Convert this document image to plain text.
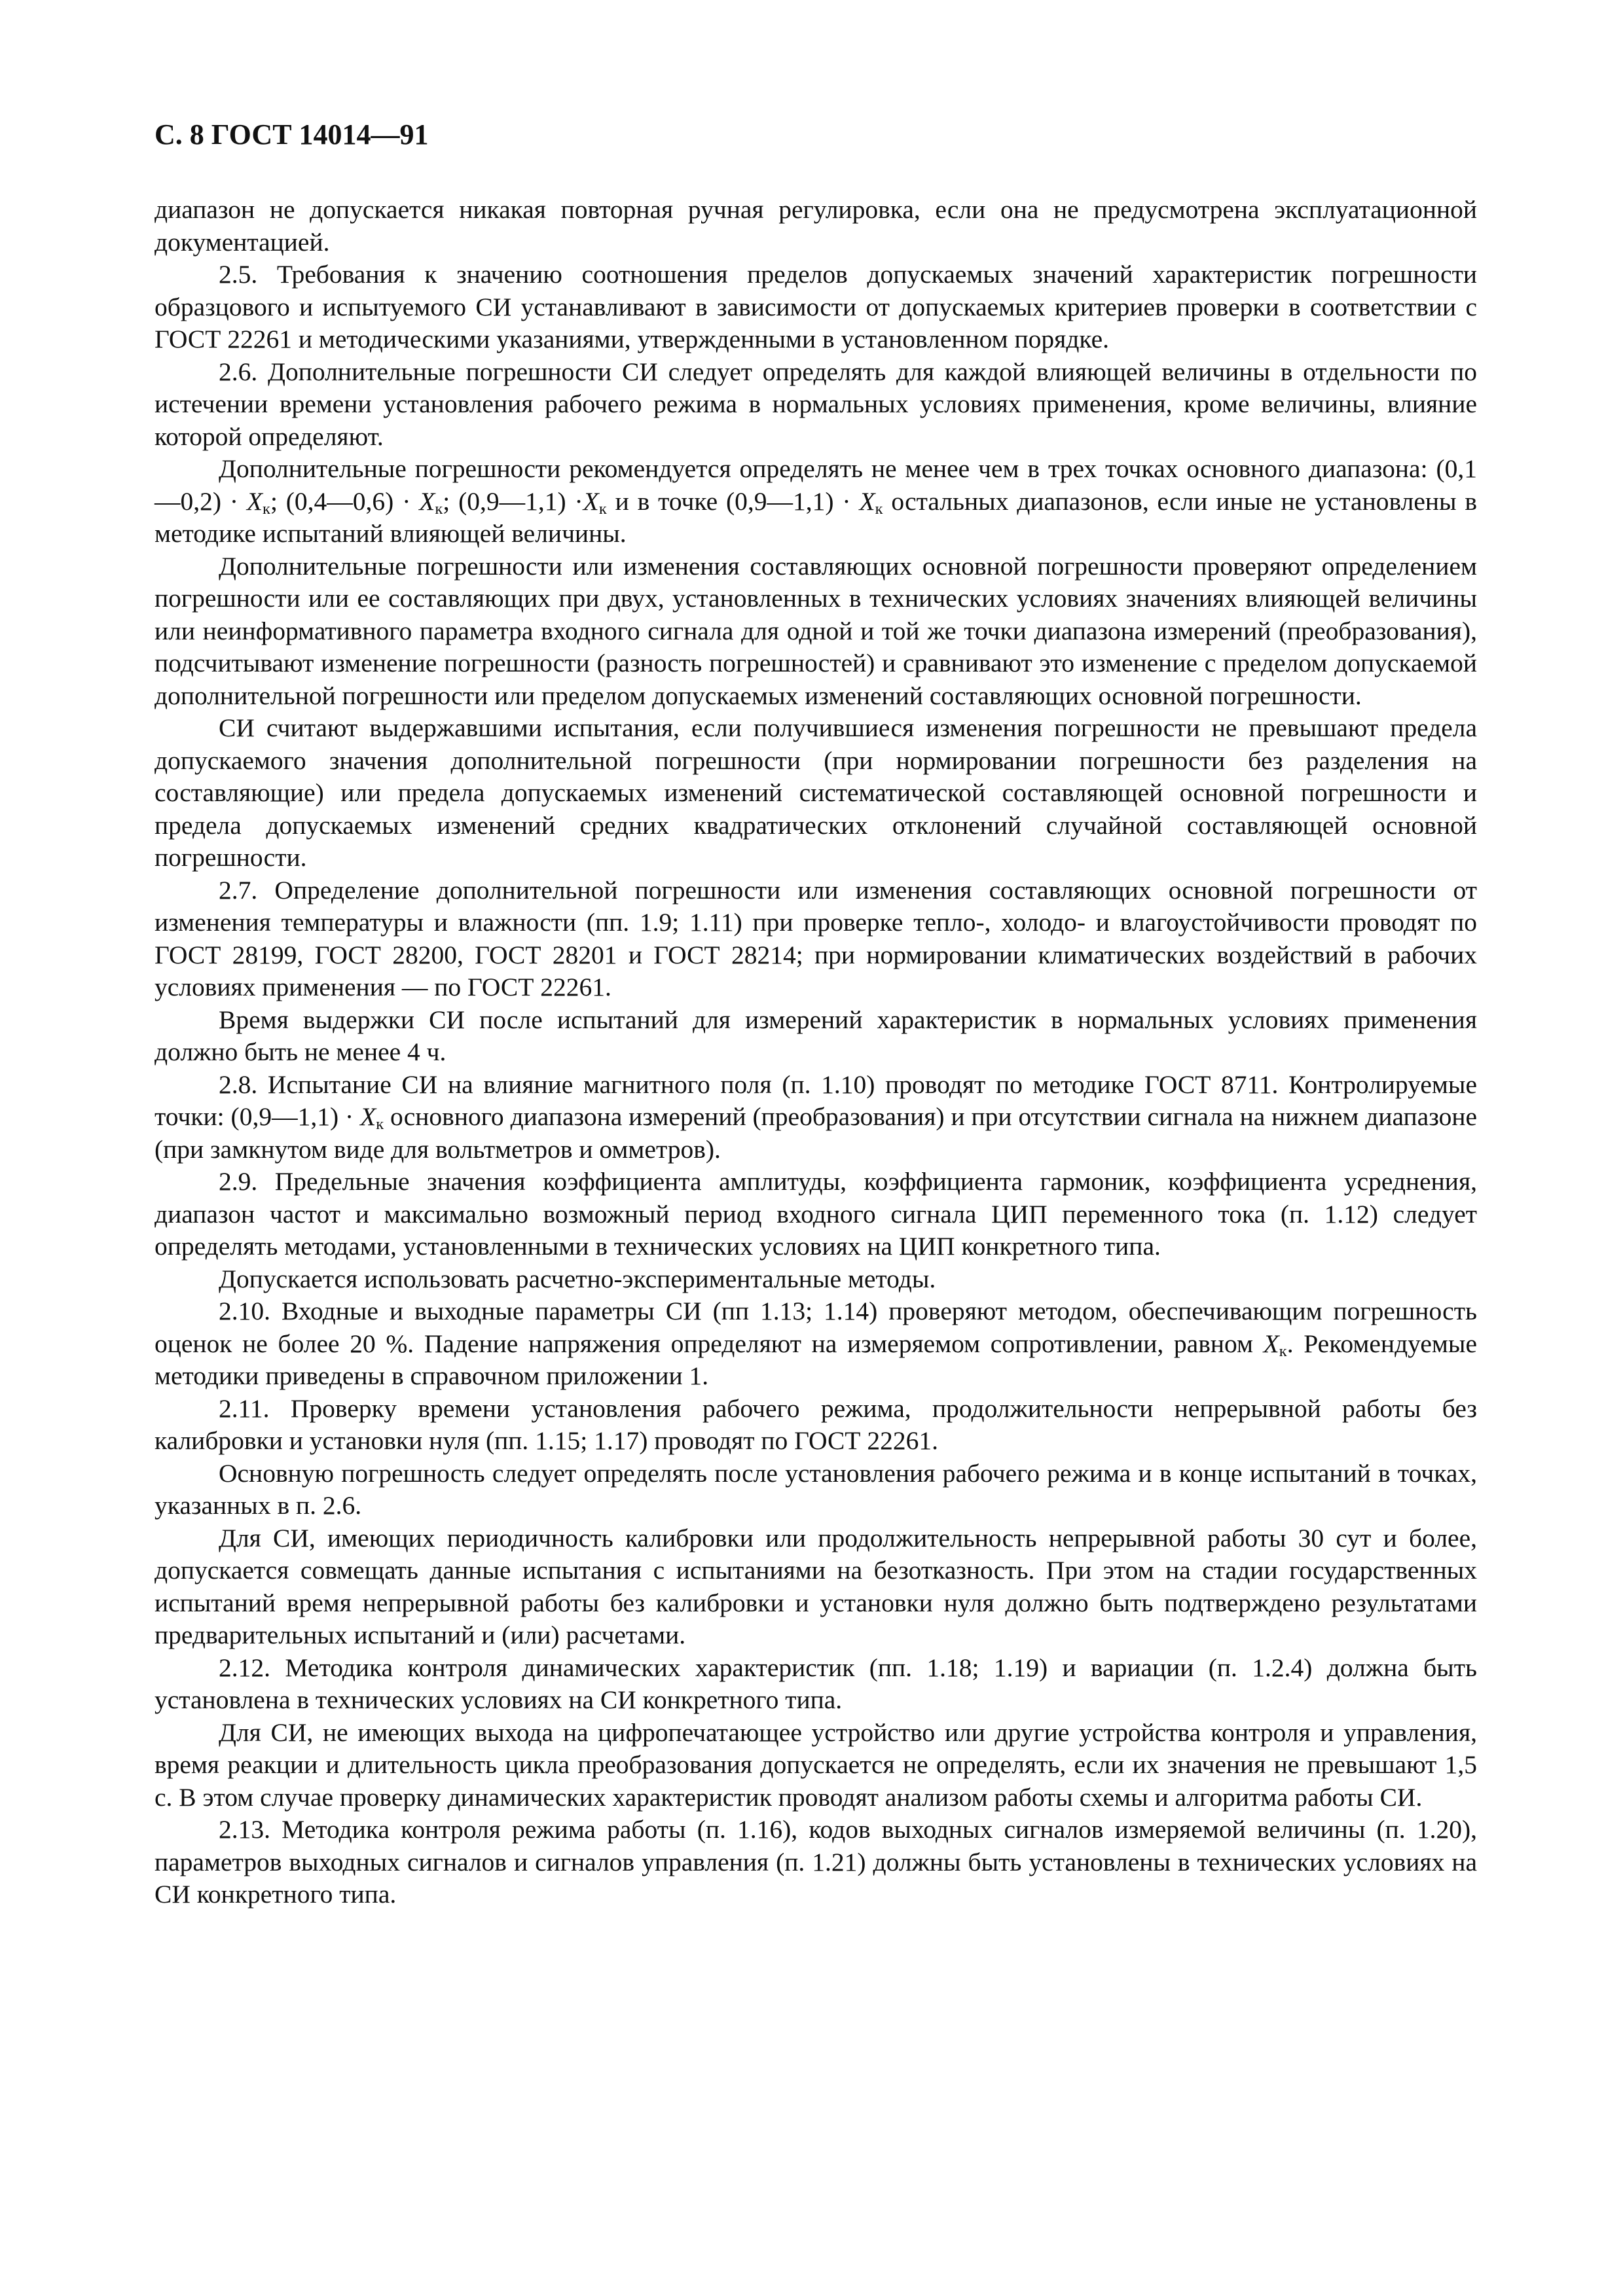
С. 8 ГОСТ 14014—91

диапазон не допускается никакая повторная ручная регулировка, если она не предусмотрена эксплуатационной документацией.

2.5. Требования к значению соотношения пределов допускаемых значений характеристик погрешности образцового и испытуемого СИ устанавливают в зависимости от допускаемых критериев проверки в соответствии с ГОСТ 22261 и методическими указаниями, утвержденными в установленном порядке.

2.6. Дополнительные погрешности СИ следует определять для каждой влияющей величины в отдельности по истечении времени установления рабочего режима в нормальных условиях применения, кроме величины, влияние которой определяют.

Дополнительные погрешности рекомендуется определять не менее чем в трех точках основного диапазона: (0,1—0,2) · $X_к$; (0,4—0,6) · $X_к$; (0,9—1,1) $\cdot X_к$ и в точке (0,9—1,1) · $X_к$ остальных диапазонов, если иные не установлены в методике испытаний влияющей величины.

Дополнительные погрешности или изменения составляющих основной погрешности проверяют определением погрешности или ее составляющих при двух, установленных в технических условиях значениях влияющей величины или неинформативного параметра входного сигнала для одной и той же точки диапазона измерений (преобразования), подсчитывают изменение погрешности (разность погрешностей) и сравнивают это изменение с пределом допускаемой дополнительной погрешности или пределом допускаемых изменений составляющих основной погрешности.

СИ считают выдержавшими испытания, если получившиеся изменения погрешности не превышают предела допускаемого значения дополнительной погрешности (при нормировании погрешности без разделения на составляющие) или предела допускаемых изменений систематической составляющей основной погрешности и предела допускаемых изменений средних квадратических отклонений случайной составляющей основной погрешности.

2.7. Определение дополнительной погрешности или изменения составляющих основной погрешности от изменения температуры и влажности (пп. 1.9; 1.11) при проверке тепло-, холодо- и влагоустойчивости проводят по ГОСТ 28199, ГОСТ 28200, ГОСТ 28201 и ГОСТ 28214; при нормировании климатических воздействий в рабочих условиях применения — по ГОСТ 22261.

Время выдержки СИ после испытаний для измерений характеристик в нормальных условиях применения должно быть не менее 4 ч.

2.8. Испытание СИ на влияние магнитного поля (п. 1.10) проводят по методике ГОСТ 8711. Контролируемые точки: (0,9—1,1) · $X_к$ основного диапазона измерений (преобразования) и при отсутствии сигнала на нижнем диапазоне (при замкнутом виде для вольтметров и омметров).

2.9. Предельные значения коэффициента амплитуды, коэффициента гармоник, коэффициента усреднения, диапазон частот и максимально возможный период входного сигнала ЦИП переменного тока (п. 1.12) следует определять методами, установленными в технических условиях на ЦИП конкретного типа.

Допускается использовать расчетно-экспериментальные методы.

2.10. Входные и выходные параметры СИ (пп 1.13; 1.14) проверяют методом, обеспечивающим погрешность оценок не более 20 %. Падение напряжения определяют на измеряемом сопротивлении, равном $X_к$. Рекомендуемые методики приведены в справочном приложении 1.

2.11. Проверку времени установления рабочего режима, продолжительности непрерывной работы без калибровки и установки нуля (пп. 1.15; 1.17) проводят по ГОСТ 22261.

Основную погрешность следует определять после установления рабочего режима и в конце испытаний в точках, указанных в п. 2.6.

Для СИ, имеющих периодичность калибровки или продолжительность непрерывной работы 30 сут и более, допускается совмещать данные испытания с испытаниями на безотказность. При этом на стадии государственных испытаний время непрерывной работы без калибровки и установки нуля должно быть подтверждено результатами предварительных испытаний и (или) расчетами.

2.12. Методика контроля динамических характеристик (пп. 1.18; 1.19) и вариации (п. 1.2.4) должна быть установлена в технических условиях на СИ конкретного типа.

Для СИ, не имеющих выхода на цифропечатающее устройство или другие устройства контроля и управления, время реакции и длительность цикла преобразования допускается не определять, если их значения не превышают 1,5 с. В этом случае проверку динамических характеристик проводят анализом работы схемы и алгоритма работы СИ.

2.13. Методика контроля режима работы (п. 1.16), кодов выходных сигналов измеряемой величины (п. 1.20), параметров выходных сигналов и сигналов управления (п. 1.21) должны быть установлены в технических условиях на СИ конкретного типа.
